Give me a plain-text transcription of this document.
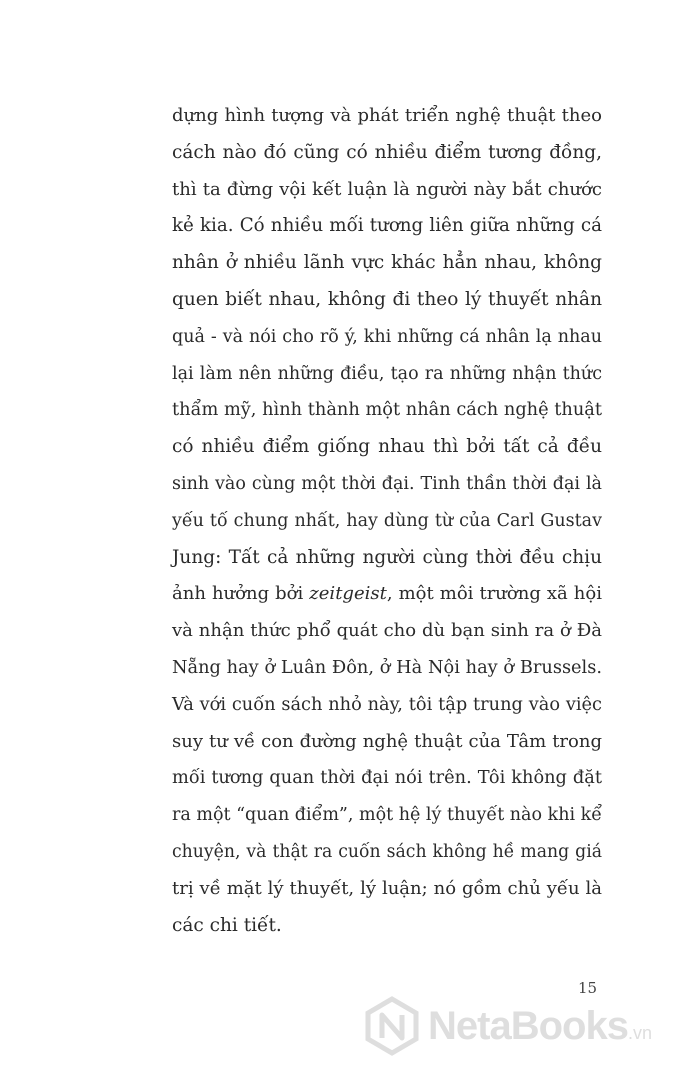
dựng hình tượng và phát triển nghệ thuật theo
cách nào đó cũng có nhiều điểm tương đồng,
thì ta đừng vội kết luận là người này bắt chước
kẻ kia. Có nhiều mối tương liên giữa những cá
nhân ở nhiều lãnh vực khác hẳn nhau, không
quen biết nhau, không đi theo lý thuyết nhân
quả - và nói cho rõ ý, khi những cá nhân lạ nhau
lại làm nên những điều, tạo ra những nhận thức
thẩm mỹ, hình thành một nhân cách nghệ thuật
có nhiều điểm giống nhau thì bởi tất cả đều
sinh vào cùng một thời đại. Tinh thần thời đại là
yếu tố chung nhất, hay dùng từ của Carl Gustav
Jung: Tất cả những người cùng thời đều chịu
ảnh hưởng bởi zeitgeist, một môi trường xã hội
và nhận thức phổ quát cho dù bạn sinh ra ở Đà
Nẵng hay ở Luân Đôn, ở Hà Nội hay ở Brussels.
Và với cuốn sách nhỏ này, tôi tập trung vào việc
suy tư về con đường nghệ thuật của Tâm trong
mối tương quan thời đại nói trên. Tôi không đặt
ra một “quan điểm”, một hệ lý thuyết nào khi kể
chuyện, và thật ra cuốn sách không hề mang giá
trị về mặt lý thuyết, lý luận; nó gồm chủ yếu là
các chi tiết.
15
NetaBooks.vn
